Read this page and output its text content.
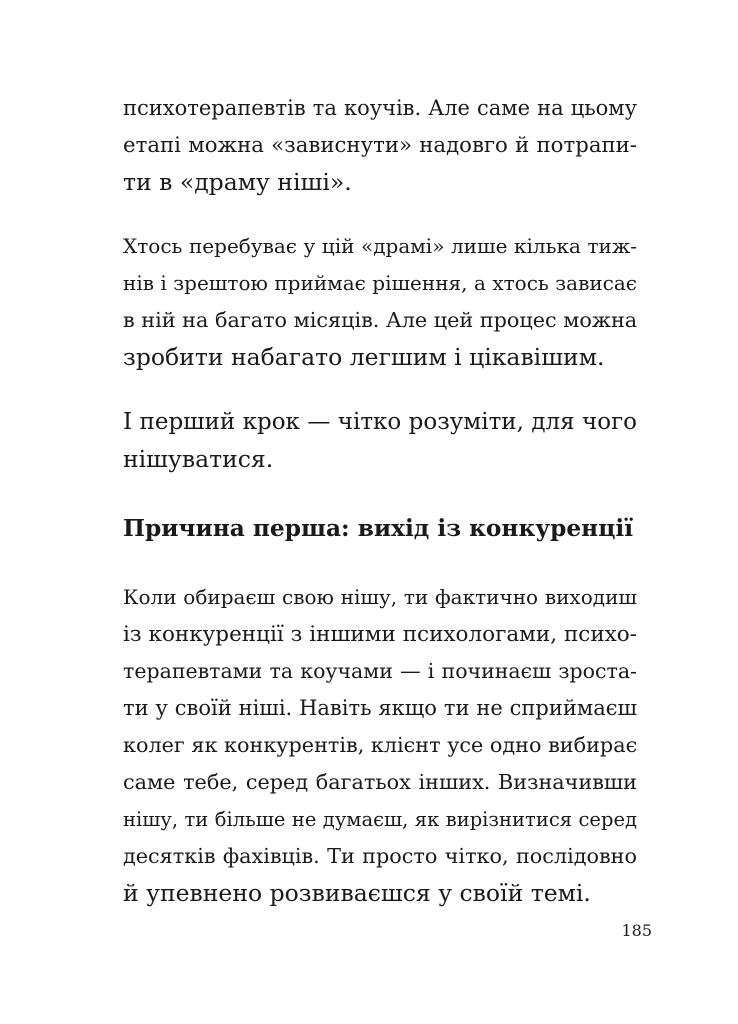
психотерапевтів та коучів. Але саме на цьому
етапі можна «зависнути» надовго й потрапи-
ти в «драму ніші».
Хтось перебуває у цій «драмі» лише кілька тиж-
нів і зрештою приймає рішення, а хтось зависає
в ній на багато місяців. Але цей процес можна
зробити набагато легшим і цікавішим.
І перший крок — чітко розуміти, для чого
нішуватися.
Причина перша: вихід із конкуренції
Коли обираєш свою нішу, ти фактично виходиш
із конкуренції з іншими психологами, психо-
терапевтами та коучами — і починаєш зроста-
ти у своїй ніші. Навіть якщо ти не сприймаєш
колег як конкурентів, клієнт усе одно вибирає
саме тебе, серед багатьох інших. Визначивши
нішу, ти більше не думаєш, як вирізнитися серед
десятків фахівців. Ти просто чітко, послідовно
й упевнено розвиваєшся у своїй темі.
185
